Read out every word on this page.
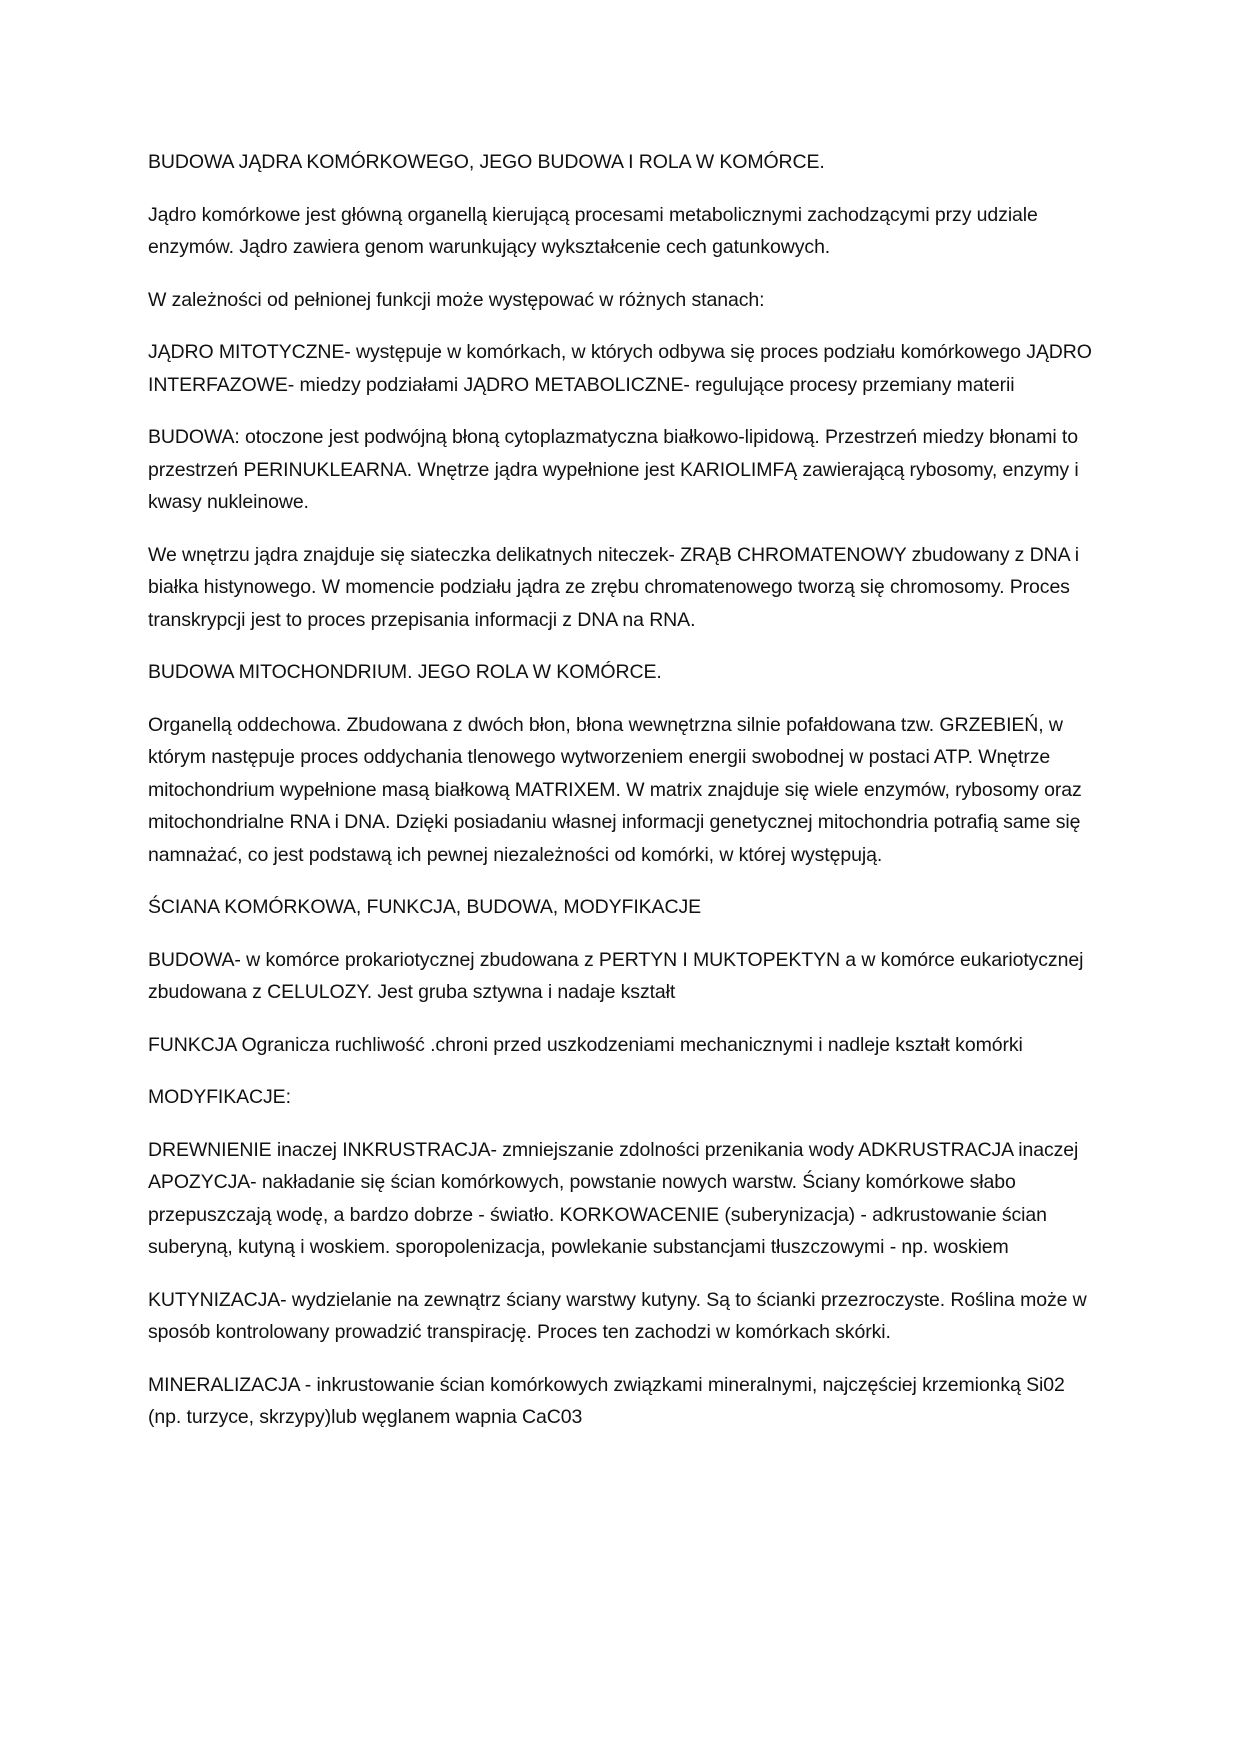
BUDOWA JĄDRA KOMÓRKOWEGO, JEGO BUDOWA I ROLA W KOMÓRCE.

Jądro komórkowe jest główną organellą kierującą procesami metabolicznymi zachodzącymi przy udziale enzymów. Jądro zawiera genom warunkujący wykształcenie cech gatunkowych.

W zależności od pełnionej funkcji może występować w różnych stanach:

JĄDRO MITOTYCZNE- występuje w komórkach, w których odbywa się proces podziału komórkowego JĄDRO INTERFAZOWE- miedzy podziałami JĄDRO METABOLICZNE- regulujące procesy przemiany materii

BUDOWA: otoczone jest podwójną błoną cytoplazmatyczna białkowo-lipidową. Przestrzeń miedzy błonami to przestrzeń PERINUKLEARNA. Wnętrze jądra wypełnione jest KARIOLIMFĄ zawierającą rybosomy, enzymy i kwasy nukleinowe.

We wnętrzu jądra znajduje się siateczka delikatnych niteczek- ZRĄB CHROMATENOWY zbudowany z DNA i białka histynowego. W momencie podziału jądra ze zrębu chromatenowego tworzą się chromosomy. Proces transkrypcji jest to proces przepisania informacji z DNA na RNA.

BUDOWA MITOCHONDRIUM. JEGO ROLA W KOMÓRCE.

Organellą oddechowa. Zbudowana z dwóch błon, błona wewnętrzna silnie pofałdowana tzw. GRZEBIEŃ, w którym następuje proces oddychania tlenowego wytworzeniem energii swobodnej w postaci ATP. Wnętrze mitochondrium wypełnione masą białkową MATRIXEM. W matrix znajduje się wiele enzymów, rybosomy oraz mitochondrialne RNA i DNA. Dzięki posiadaniu własnej informacji genetycznej mitochondria potrafią same się namnażać, co jest podstawą ich pewnej niezależności od komórki, w której występują.

ŚCIANA KOMÓRKOWA, FUNKCJA, BUDOWA, MODYFIKACJE

BUDOWA- w komórce prokariotycznej zbudowana z PERTYN I MUKTOPEKTYN a w komórce eukariotycznej zbudowana z CELULOZY. Jest gruba sztywna i nadaje kształt

FUNKCJA Ogranicza ruchliwość .chroni przed uszkodzeniami mechanicznymi i nadleje kształt komórki

MODYFIKACJE:

DREWNIENIE inaczej INKRUSTRACJA- zmniejszanie zdolności przenikania wody ADKRUSTRACJA inaczej APOZYCJA- nakładanie się ścian komórkowych, powstanie nowych warstw. Ściany komórkowe słabo przepuszczają wodę, a bardzo dobrze - światło. KORKOWACENIE (suberynizacja) - adkrustowanie ścian suberyną, kutyną i woskiem. sporopolenizacja, powlekanie substancjami tłuszczowymi - np. woskiem

KUTYNIZACJA- wydzielanie na zewnątrz ściany warstwy kutyny. Są to ścianki przezroczyste. Roślina może w sposób kontrolowany prowadzić transpirację. Proces ten zachodzi w komórkach skórki.

MINERALIZACJA - inkrustowanie ścian komórkowych związkami mineralnymi, najczęściej krzemionką Si02 (np. turzyce, skrzypy)lub węglanem wapnia CaC03
